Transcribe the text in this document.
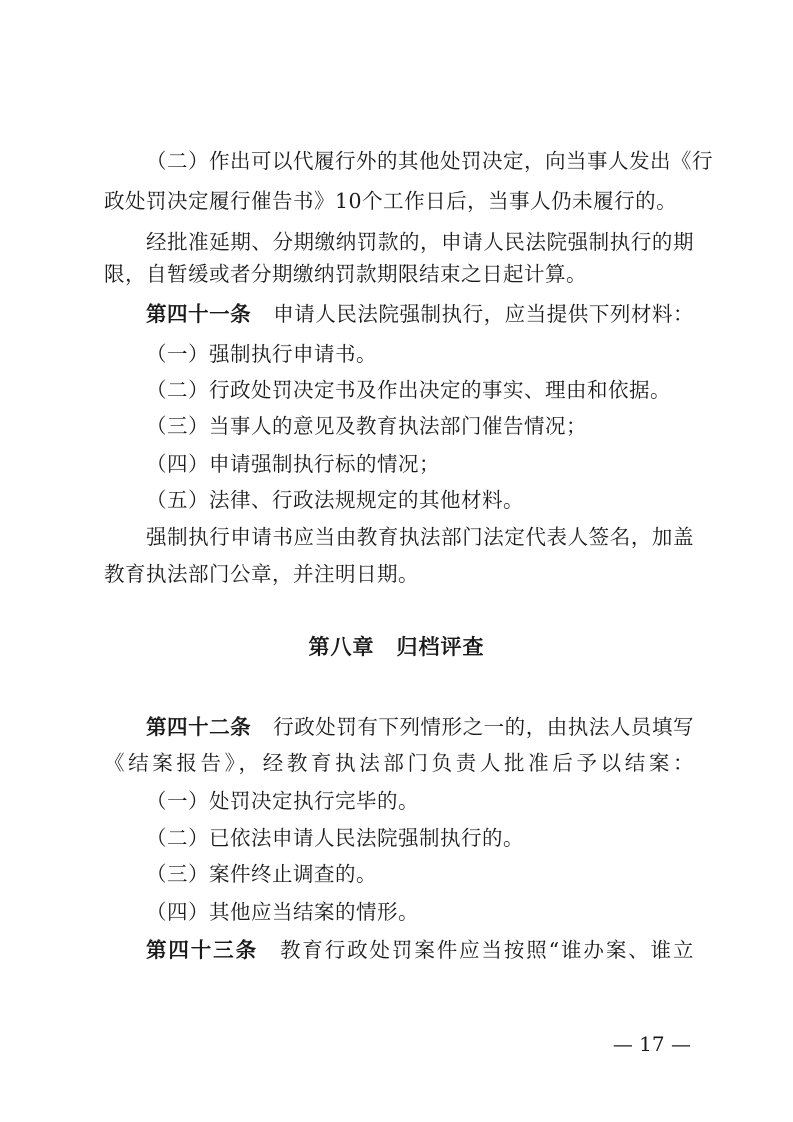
（二）作出可以代履行外的其他处罚决定，向当事人发出《行
政处罚决定履行催告书》10个工作日后，当事人仍未履行的。
经批准延期、分期缴纳罚款的，申请人民法院强制执行的期
限，自暂缓或者分期缴纳罚款期限结束之日起计算。
第四十一条 申请人民法院强制执行，应当提供下列材料：
（一）强制执行申请书。
（二）行政处罚决定书及作出决定的事实、理由和依据。
（三）当事人的意见及教育执法部门催告情况；
（四）申请强制执行标的情况；
（五）法律、行政法规规定的其他材料。
强制执行申请书应当由教育执法部门法定代表人签名，加盖
教育执法部门公章，并注明日期。
第八章 归档评查
第四十二条 行政处罚有下列情形之一的，由执法人员填写
《结案报告》，经教育执法部门负责人批准后予以结案：
（一）处罚决定执行完毕的。
（二）已依法申请人民法院强制执行的。
（三）案件终止调查的。
（四）其他应当结案的情形。
第四十三条 教育行政处罚案件应当按照“谁办案、谁立
— 17 —
